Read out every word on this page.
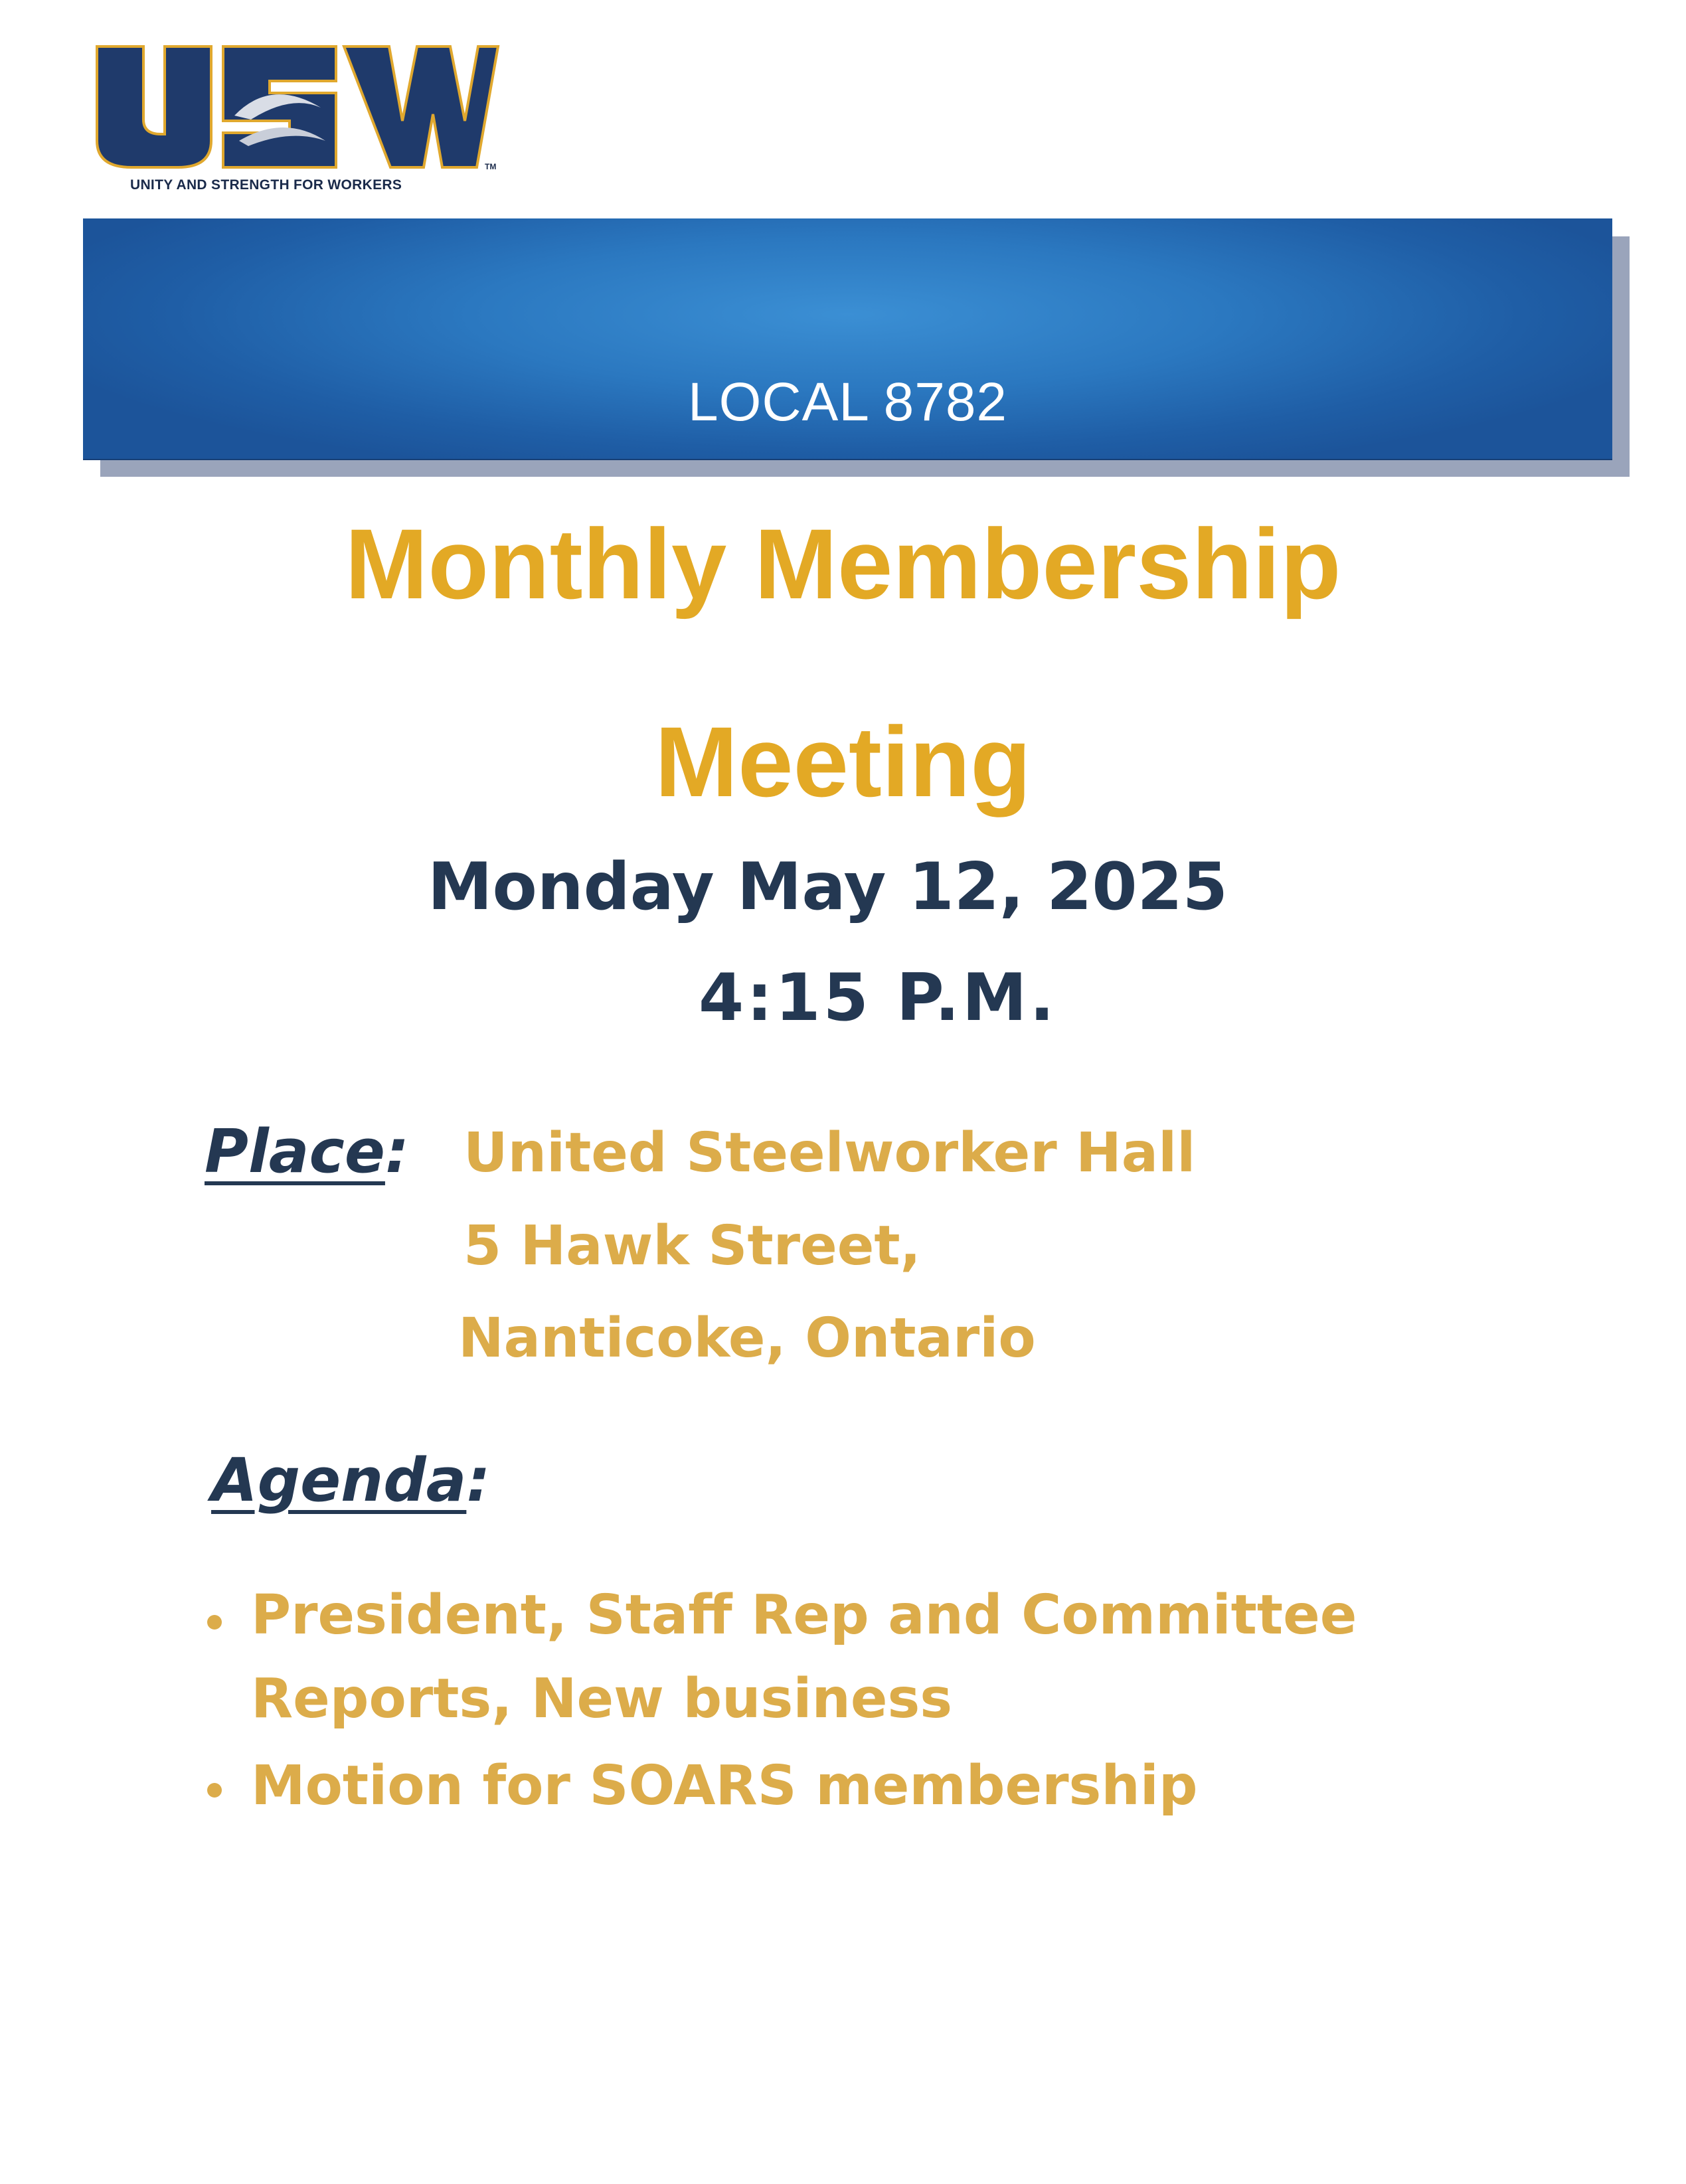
TM
UNITY AND STRENGTH FOR WORKERS
LOCAL 8782
Monthly Membership
Meeting
Monday May 12, 2025
4:15 P.M.
Place: United Steelworker Hall
5 Hawk Street,
Nanticoke, Ontario
Agenda:
President, Staff Rep and Committee
Reports, New business
Motion for SOARS membership
